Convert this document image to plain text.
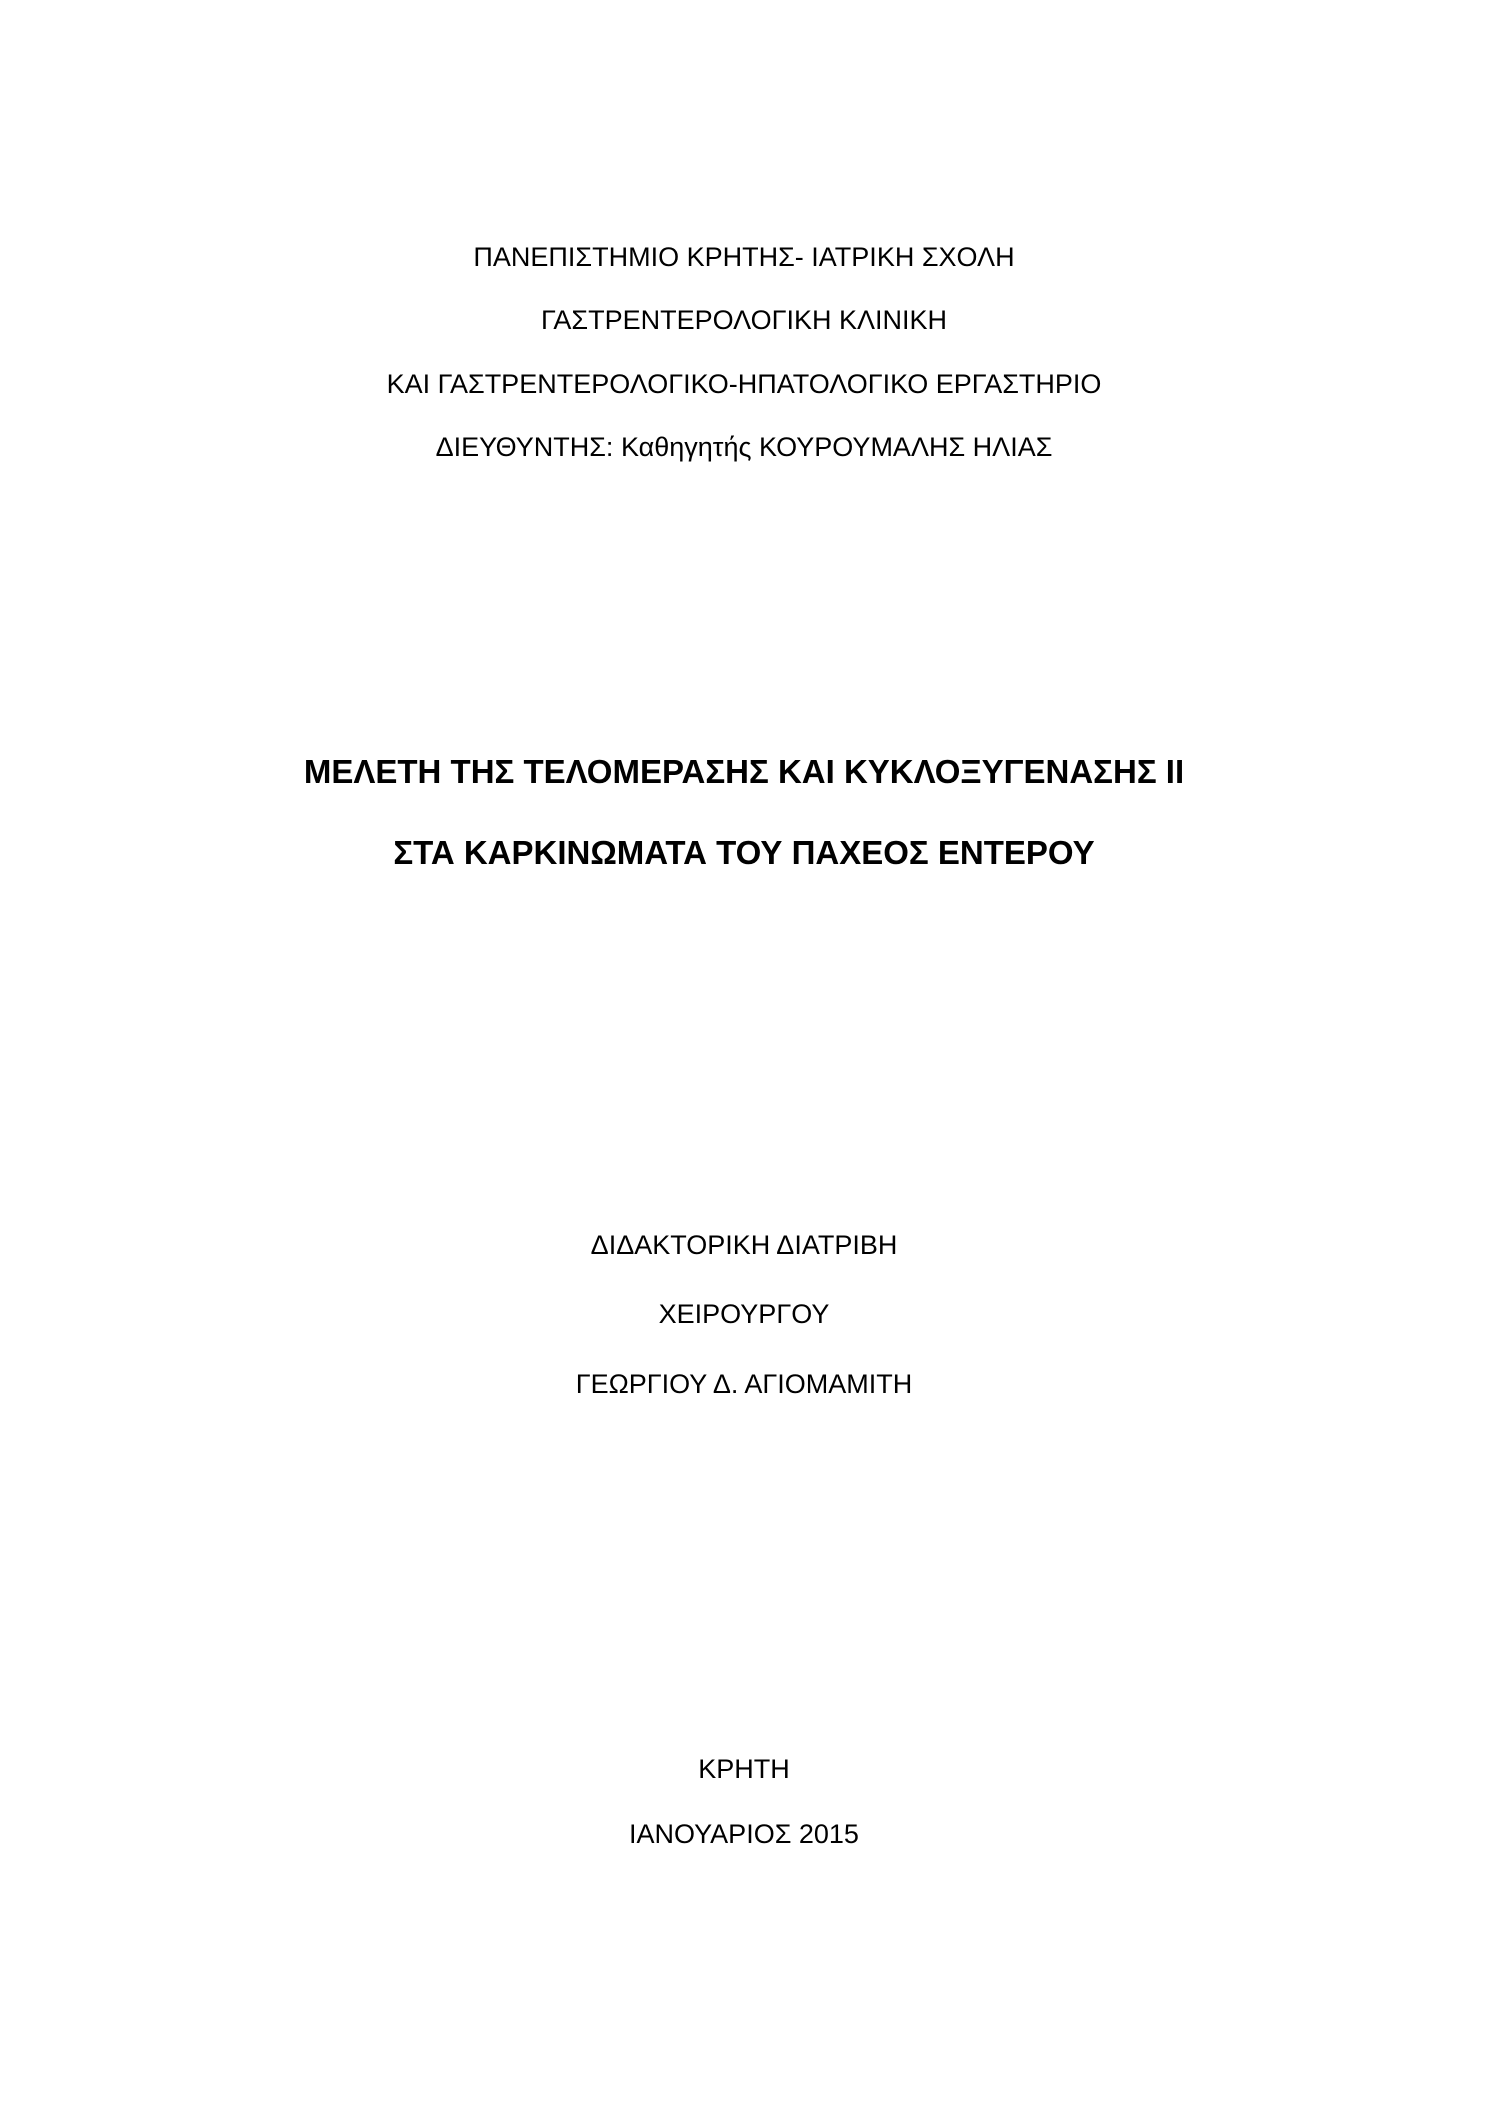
ΠΑΝΕΠΙΣΤΗΜΙΟ ΚΡΗΤΗΣ- ΙΑΤΡΙΚΗ ΣΧΟΛΗ
ΓΑΣΤΡΕΝΤΕΡΟΛΟΓΙΚΗ ΚΛΙΝΙΚΗ
ΚΑΙ ΓΑΣΤΡΕΝΤΕΡΟΛΟΓΙΚΟ-ΗΠΑΤΟΛΟΓΙΚΟ ΕΡΓΑΣΤΗΡΙΟ
ΔΙΕΥΘΥΝΤΗΣ: Καθηγητής ΚΟΥΡΟΥΜΑΛΗΣ ΗΛΙΑΣ
ΜΕΛΕΤΗ ΤΗΣ ΤΕΛΟΜΕΡΑΣΗΣ ΚΑΙ ΚΥΚΛΟΞΥΓΕΝΑΣΗΣ ΙΙ
ΣΤΑ ΚΑΡΚΙΝΩΜΑΤΑ ΤΟΥ ΠΑΧΕΟΣ ΕΝΤΕΡΟΥ
ΔΙΔΑΚΤΟΡΙΚΗ ΔΙΑΤΡΙΒΗ
ΧΕΙΡΟΥΡΓΟΥ
ΓΕΩΡΓΙΟΥ Δ. ΑΓΙΟΜΑΜΙΤΗ
ΚΡΗΤΗ
ΙΑΝΟΥΑΡΙΟΣ 2015
